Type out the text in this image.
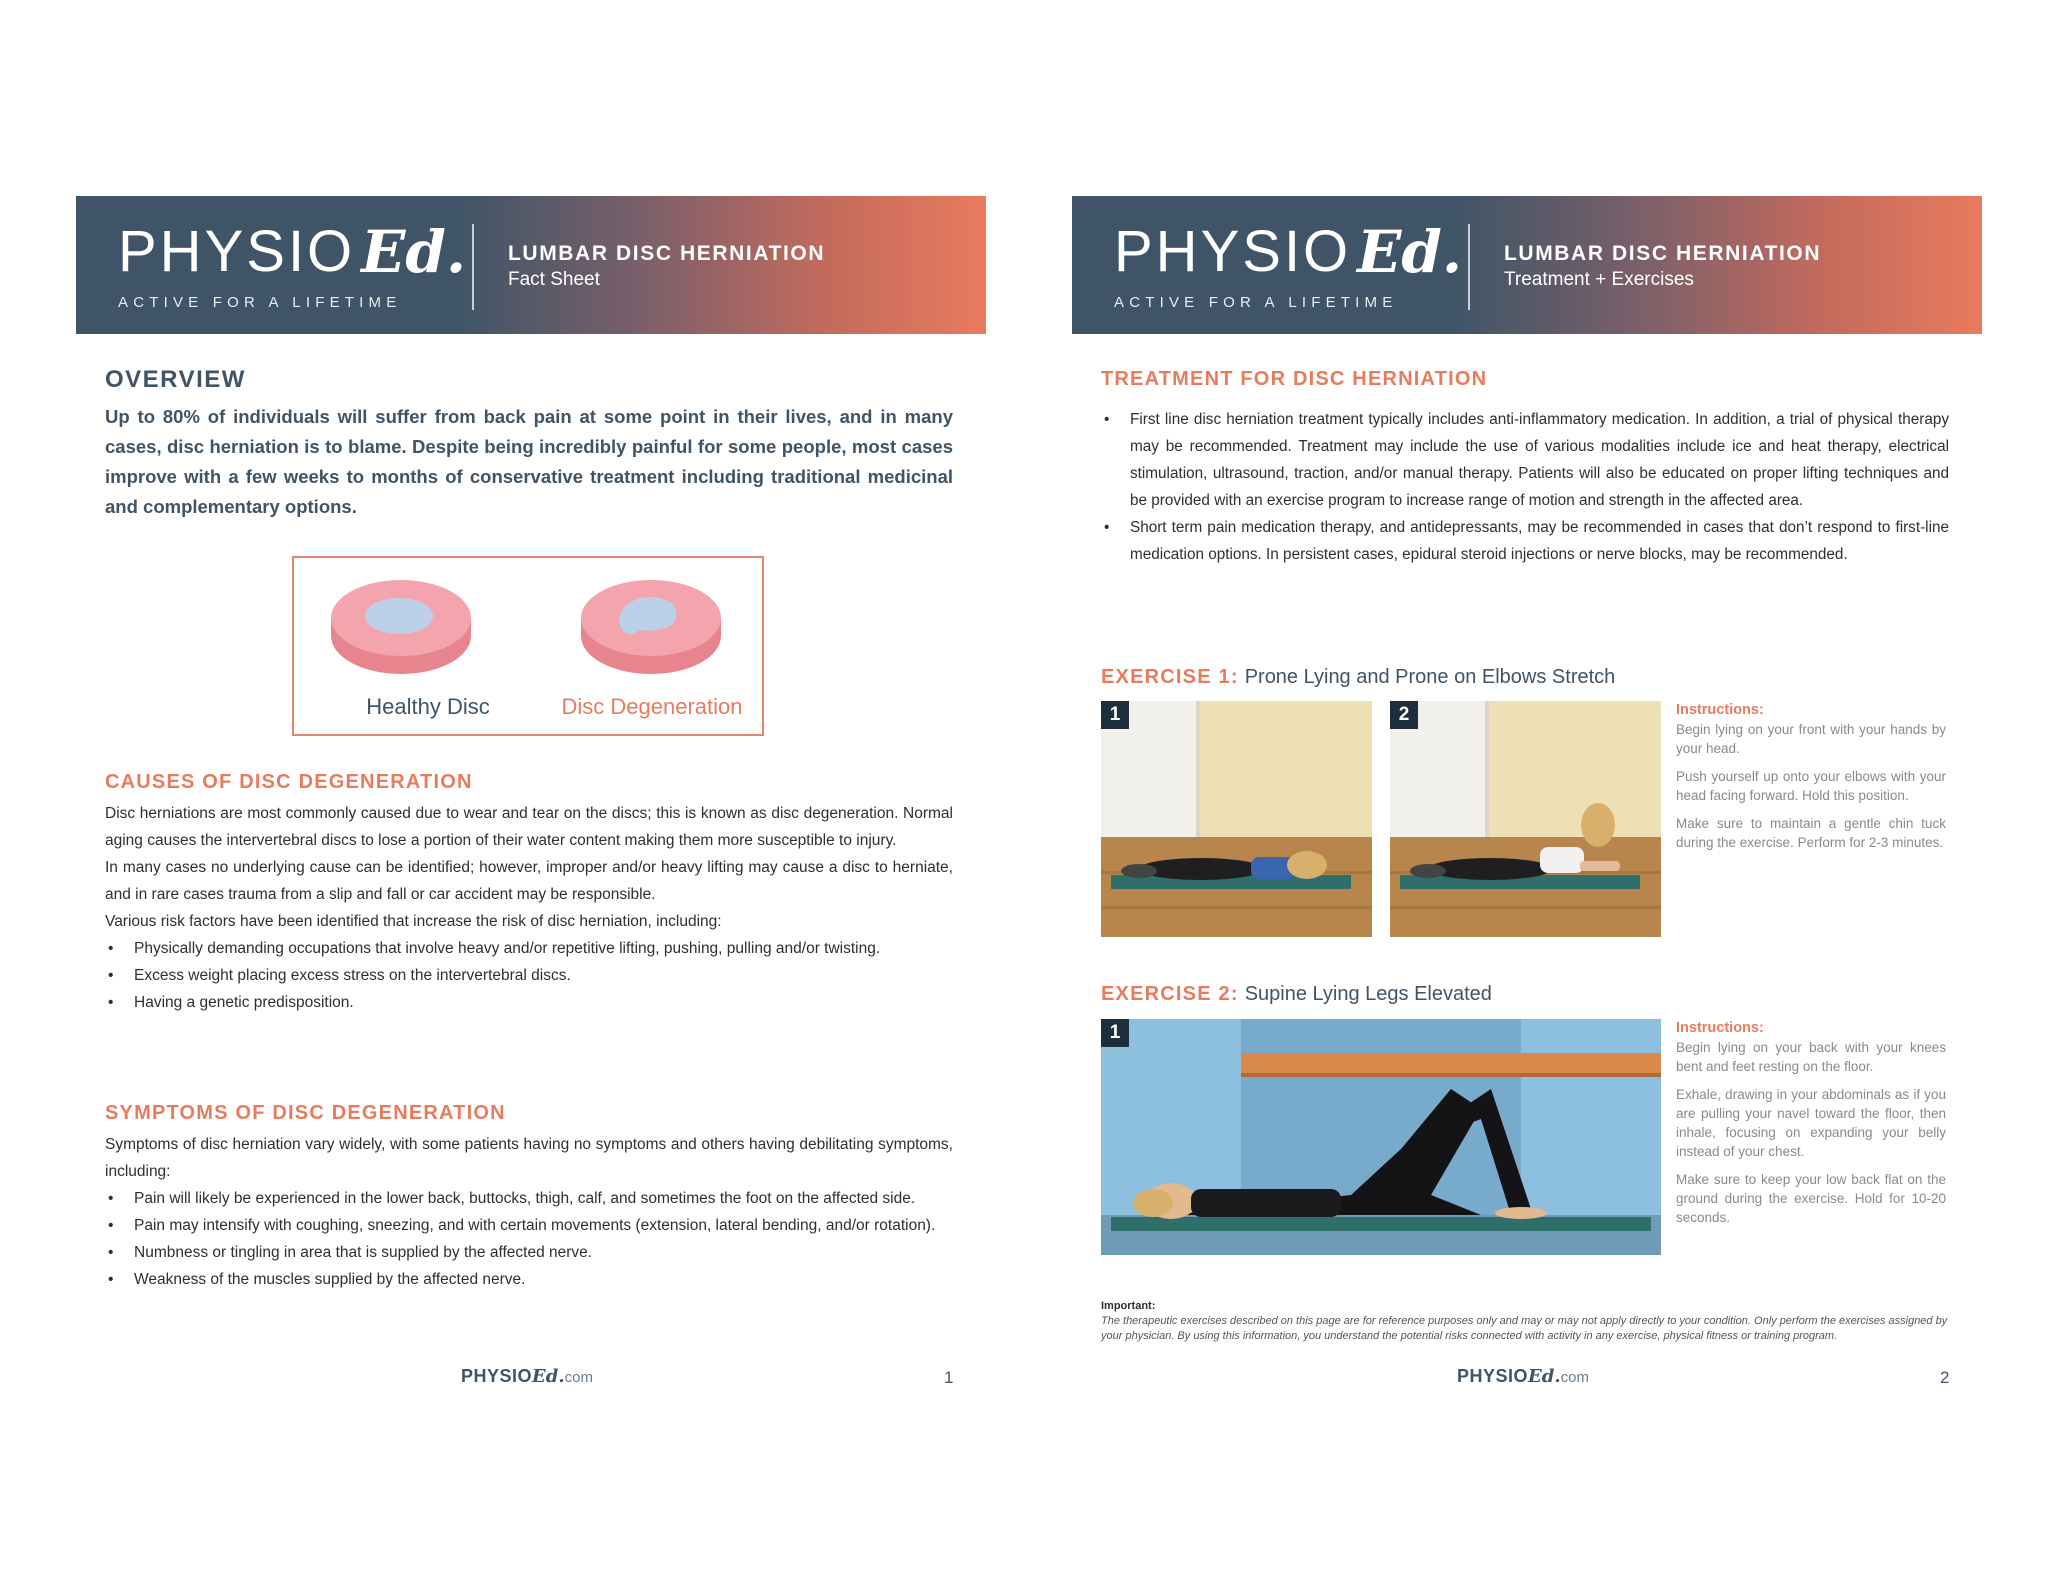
PHYSIO Ed.
ACTIVE FOR A LIFETIME
LUMBAR DISC HERNIATION
Fact Sheet
OVERVIEW
Up to 80% of individuals will suffer from back pain at some point in their lives, and in many cases, disc herniation is to blame. Despite being incredibly painful for some people, most cases improve with a few weeks to months of conservative treatment including traditional medicinal and complementary options.
Healthy Disc	Disc Degeneration
CAUSES OF DISC DEGENERATION

Disc herniations are most commonly caused due to wear and tear on the discs; this is known as disc degeneration. Normal aging causes the intervertebral discs to lose a portion of their water content making them more susceptible to injury.

In many cases no underlying cause can be identified; however, improper and/or heavy lifting may cause a disc to herniate, and in rare cases trauma from a slip and fall or car accident may be responsible.

Various risk factors have been identified that increase the risk of disc herniation, including:

• Physically demanding occupations that involve heavy and/or repetitive lifting, pushing, pulling and/or twisting.
• Excess weight placing excess stress on the intervertebral discs.
• Having a genetic predisposition.
SYMPTOMS OF DISC DEGENERATION

Symptoms of disc herniation vary widely, with some patients having no symptoms and others having debilitating symptoms, including:

• Pain will likely be experienced in the lower back, buttocks, thigh, calf, and sometimes the foot on the affected side.
• Pain may intensify with coughing, sneezing, and with certain movements (extension, lateral bending, and/or rotation).
• Numbness or tingling in area that is supplied by the affected nerve.
• Weakness of the muscles supplied by the affected nerve.
PHYSIOEd.com	1
PHYSIO Ed.
ACTIVE FOR A LIFETIME
LUMBAR DISC HERNIATION
Treatment + Exercises
TREATMENT FOR DISC HERNIATION
• First line disc herniation treatment typically includes anti-inflammatory medication. In addition, a trial of physical therapy may be recommended. Treatment may include the use of various modalities include ice and heat therapy, electrical stimulation, ultrasound, traction, and/or manual therapy. Patients will also be educated on proper lifting techniques and be provided with an exercise program to increase range of motion and strength in the affected area.
• Short term pain medication therapy, and antidepressants, may be recommended in cases that don’t respond to first-line medication options. In persistent cases, epidural steroid injections or nerve blocks, may be recommended.
EXERCISE 1: Prone Lying and Prone on Elbows Stretch
1	2	Instructions:

Begin lying on your front with your hands by your head.

Push yourself up onto your elbows with your head facing forward. Hold this position.

Make sure to maintain a gentle chin tuck during the exercise. Perform for 2-3 minutes.

EXERCISE 2: Supine Lying Legs Elevated
1	Instructions:

Begin lying on your back with your knees bent and feet resting on the floor.

Exhale, drawing in your abdominals as if you are pulling your navel toward the floor, then inhale, focusing on expanding your belly instead of your chest.

Make sure to keep your low back flat on the ground during the exercise. Hold for 10-20 seconds.

Important:
The therapeutic exercises described on this page are for reference purposes only and may or may not apply directly to your condition. Only perform the exercises assigned by your physician. By using this information, you understand the potential risks connected with activity in any exercise, physical fitness or training program.
PHYSIOEd.com	2
